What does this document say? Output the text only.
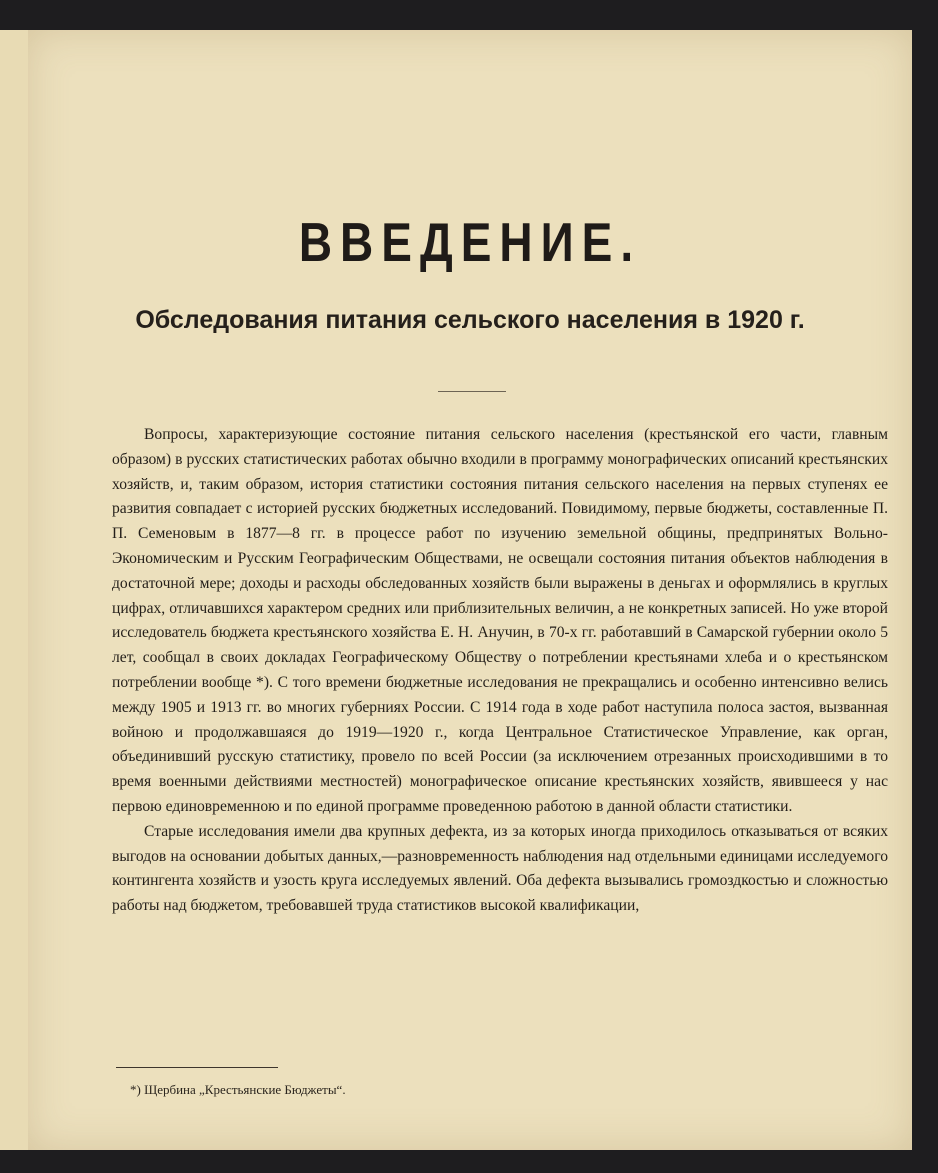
ВВЕДЕНИЕ.
Обследования питания сельского населения в 1920 г.

Вопросы, характеризующие состояние питания сельского населения (крестьянской его части, главным образом) в русских статистических работах обычно входили в программу монографических описаний крестьянских хозяйств, и, таким образом, история статистики состояния питания сельского населения на первых ступенях ее развития совпадает с историей русских бюджетных исследований. Повидимому, первые бюджеты, составленные П. П. Семеновым в 1877—8 гг. в процессе работ по изучению земельной общины, предпринятых Вольно-Экономическим и Русским Географическим Обществами, не освещали состояния питания объектов наблюдения в достаточной мере; доходы и расходы обследованных хозяйств были выражены в деньгах и оформлялись в круглых цифрах, отличавшихся характером средних или приблизительных величин, а не конкретных записей. Но уже второй исследователь бюджета крестьянского хозяйства Е. Н. Анучин, в 70-х гг. работавший в Самарской губернии около 5 лет, сообщал в своих докладах Географическому Обществу о потреблении крестьянами хлеба и о крестьянском потреблении вообще *). С того времени бюджетные исследования не прекращались и особенно интенсивно велись между 1905 и 1913 гг. во многих губерниях России. С 1914 года в ходе работ наступила полоса застоя, вызванная войною и продолжавшаяся до 1919—1920 г., когда Центральное Статистическое Управление, как орган, объединивший русскую статистику, провело по всей России (за исключением отрезанных происходившими в то время военными действиями местностей) монографическое описание крестьянских хозяйств, явившееся у нас первою единовременною и по единой программе проведенною работою в данной области статистики.

Старые исследования имели два крупных дефекта, из за которых иногда приходилось отказываться от всяких выгодов на основании добытых данных,—разновременность наблюдения над отдельными единицами исследуемого контингента хозяйств и узость круга исследуемых явлений. Оба дефекта вызывались громоздкостью и сложностью работы над бюджетом, требовавшей труда статистиков высокой квалификации,

*) Щербина „Крестьянские Бюджеты“.
